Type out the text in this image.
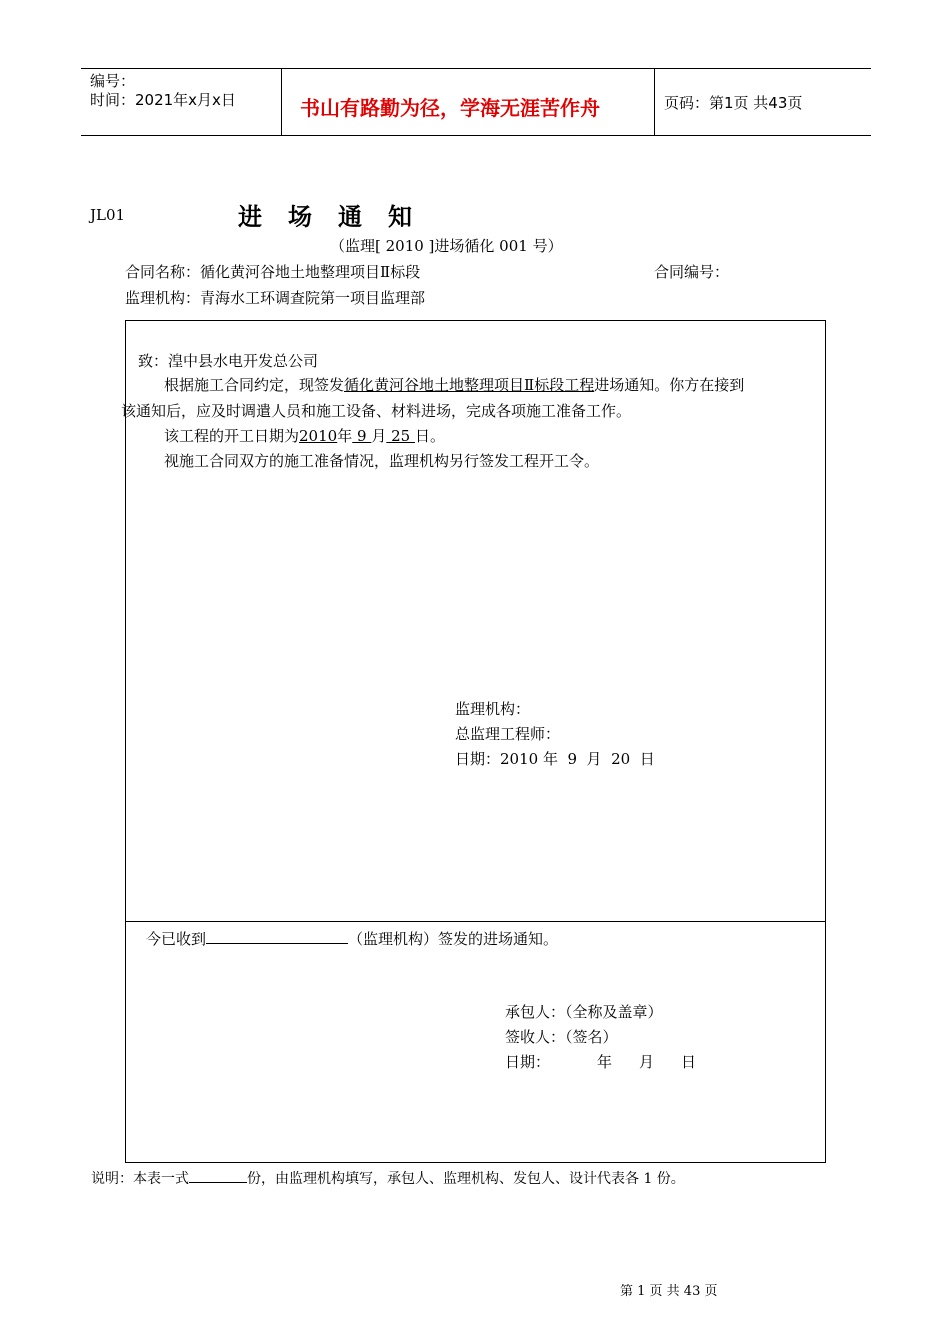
编号：
时间：2021年x月x日	书山有路勤为径，学海无涯苦作舟	页码：第1页 共43页
JL01	进场通知
（监理[ 2010 ]进场循化 001 号）
合同名称：循化黄河谷地土地整理项目Ⅱ标段	合同编号：
监理机构：青海水工环调查院第一项目监理部
致：湟中县水电开发总公司
根据施工合同约定，现签发循化黄河谷地土地整理项目Ⅱ标段工程进场通知。你方在接到
该通知后，应及时调遣人员和施工设备、材料进场，完成各项施工准备工作。
该工程的开工日期为2010年 9 月 25 日。
视施工合同双方的施工准备情况，监理机构另行签发工程开工令。
监理机构：
总监理工程师：
日期：2010 年  9  月  20  日
今已收到	（监理机构）签发的进场通知。
承包人：（全称及盖章）
签收人：（签名）
日期：	年 月 日
说明：本表一式	份，由监理机构填写，承包人、监理机构、发包人、设计代表各 1 份。
第 1 页 共 43 页
